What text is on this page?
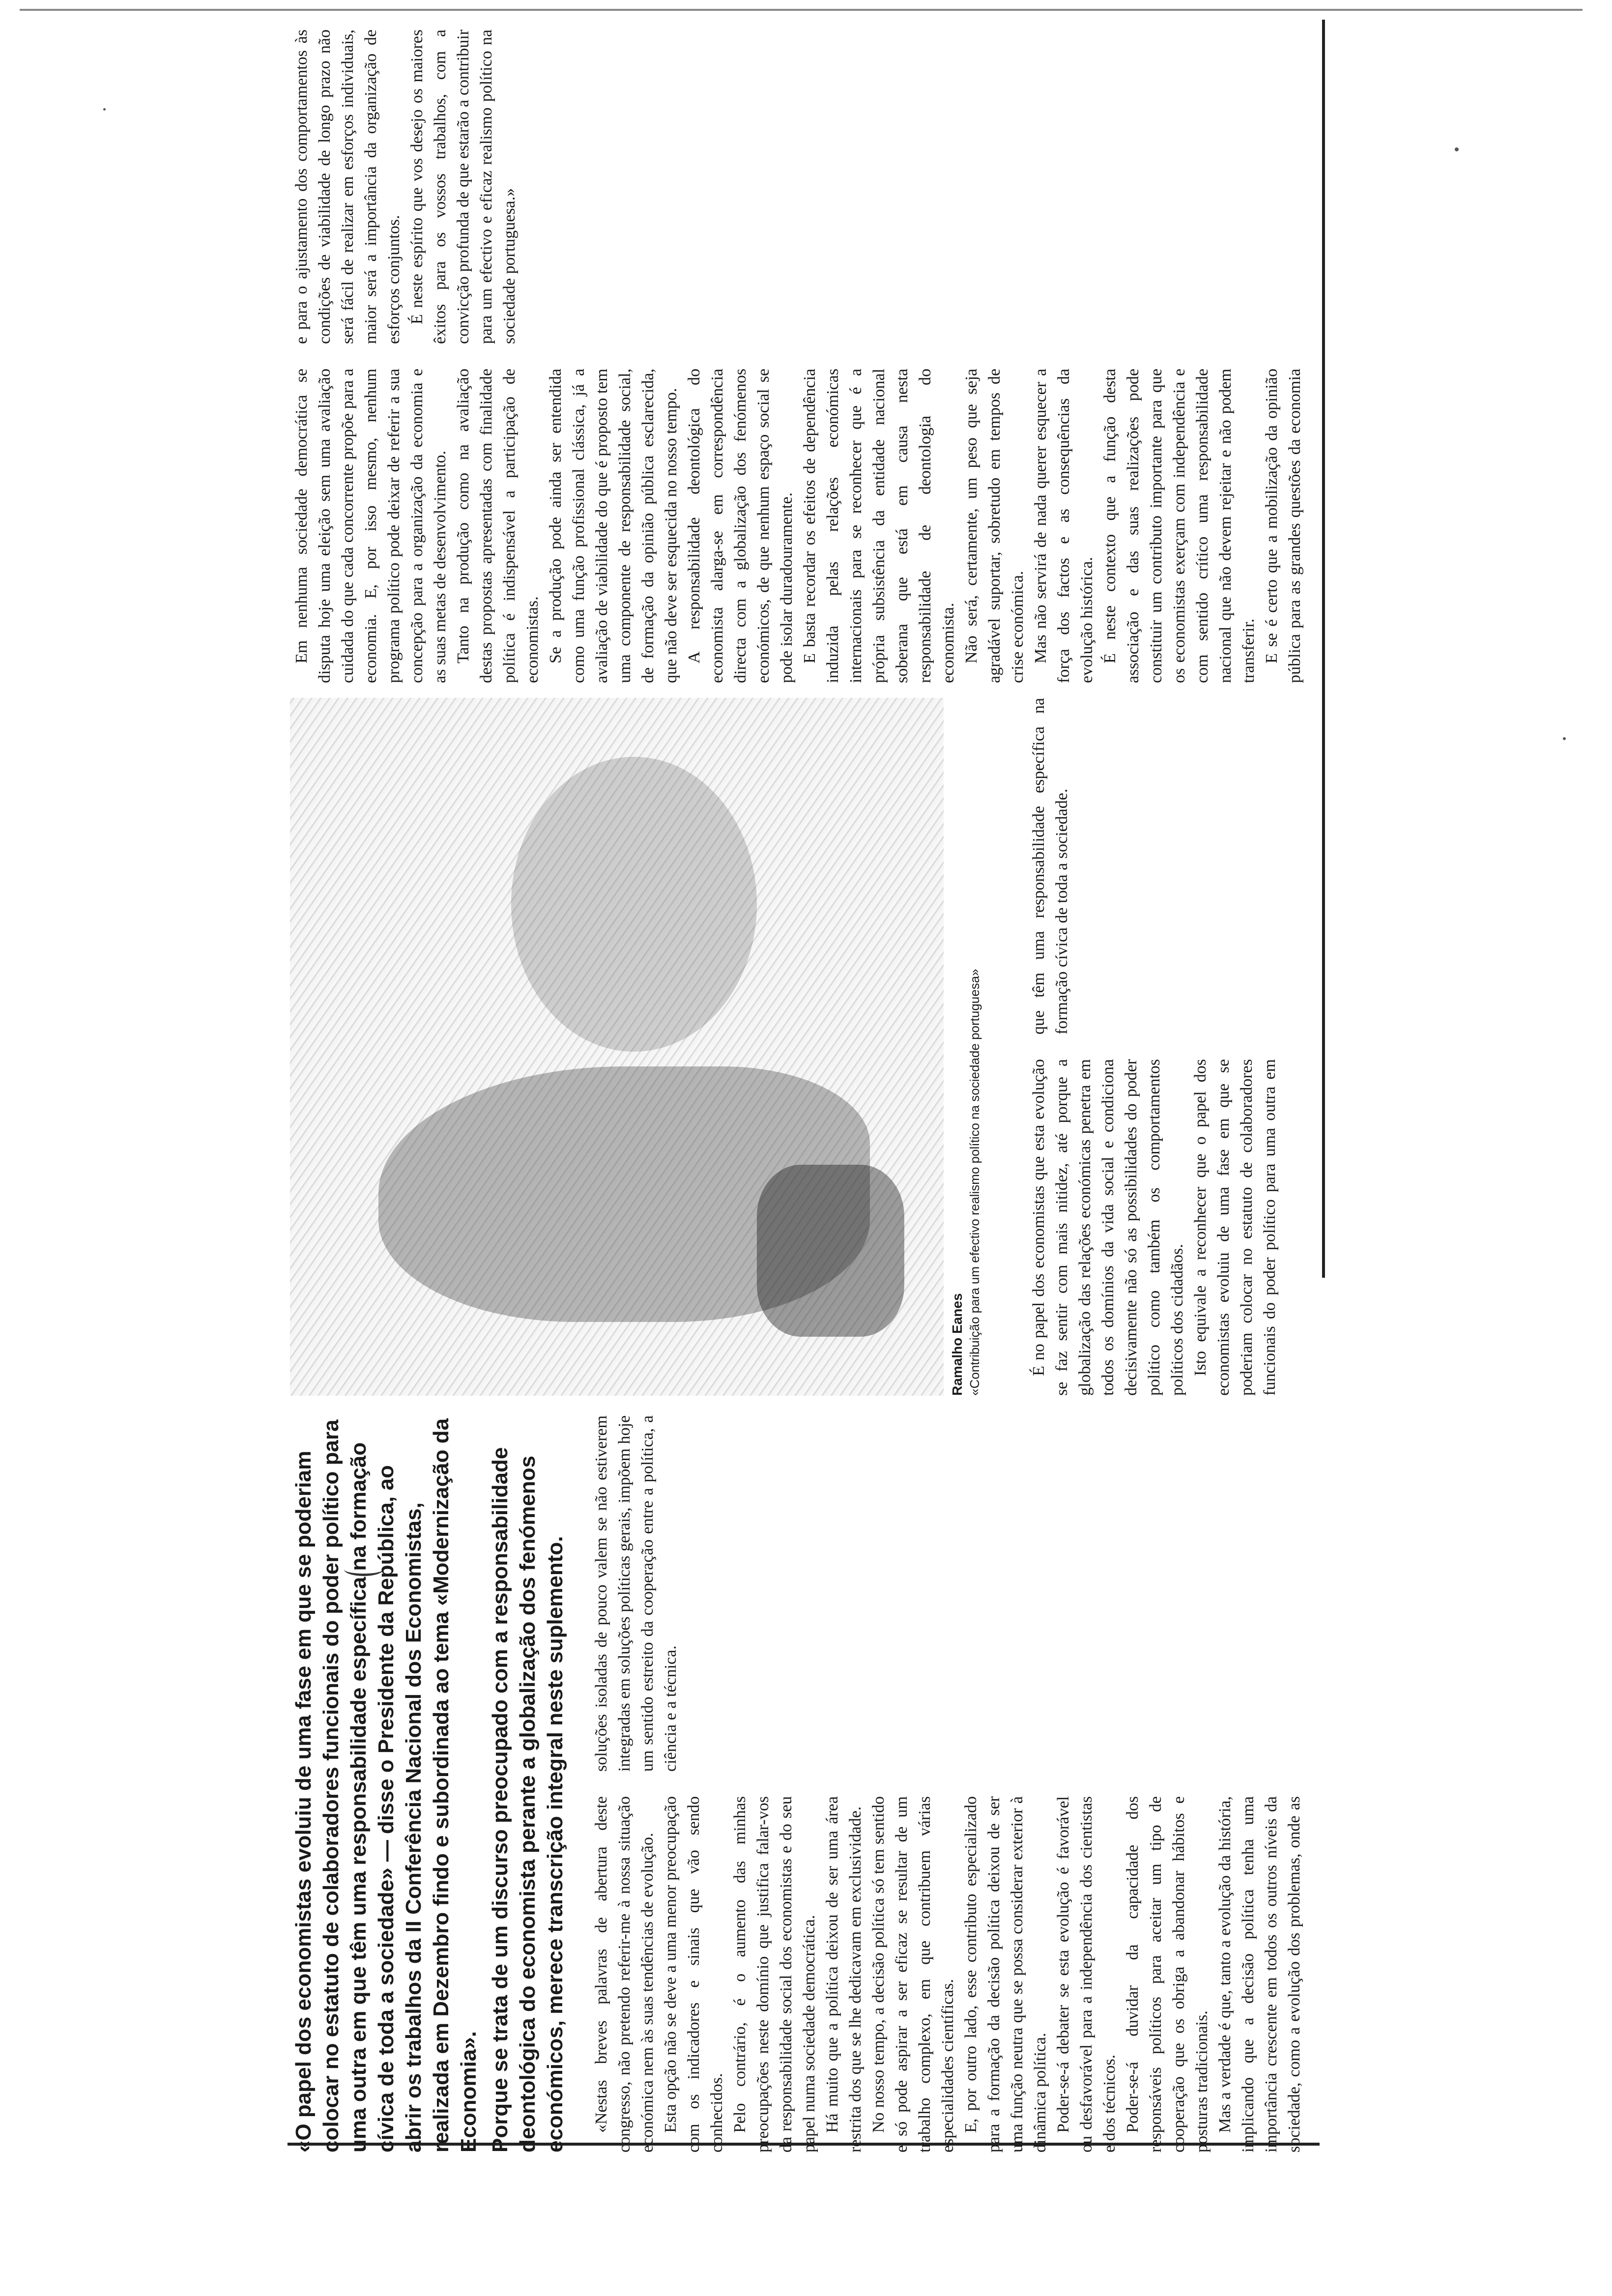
«O papel dos economistas evoluiu de uma fase em que se poderiam colocar no estatuto de colaboradores funcionais do poder político para uma outra em que têm uma responsabilidade específica na formação cívica de toda a sociedade» — disse o Presidente da República, ao abrir os trabalhos da II Conferência Nacional dos Economistas, realizada em Dezembro findo e subordinada ao tema «Modernização da Economia». Porque se trata de um discurso preocupado com a responsabilidade deontológica do economista perante a globalização dos fenómenos económicos, merece transcrição integral neste suplemento. «Nestas breves palavras de abertura deste congresso, não pretendo referir-me à nossa situação económica nem às suas tendências de evolução. Esta opção não se deve a uma menor preocupação com os indicadores e sinais que vão sendo conhecidos. Pelo contrário, é o aumento das minhas preocupações neste domínio que justifica falar-vos da responsabilidade social dos economistas e do seu papel numa sociedade democrática. Há muito que a política deixou de ser uma área restrita dos que se lhe dedicavam em exclusividade. No nosso tempo, a decisão política só tem sentido e só pode aspirar a ser eficaz se resultar de um trabalho complexo, em que contribuem várias especialidades científicas. E, por outro lado, esse contributo especializado para a formação da decisão política deixou de ser uma função neutra que se possa considerar exterior à dinâmica política. Poder-se-á debater se esta evolução é favorável ou desfavorável para a independência dos cientistas e dos técnicos. Poder-se-á duvidar da capacidade dos responsáveis políticos para aceitar um tipo de cooperação que os obriga a abandonar hábitos e posturas tradicionais. Mas a verdade é que, tanto a evolução da história, implicando que a decisão política tenha uma importância crescente em todos os outros níveis da sociedade, como a evolução dos problemas, onde as soluções isoladas de pouco valem se não estiverem integradas em soluções políticas gerais, impõem hoje um sentido estreito da cooperação entre a política, a ciência e a técnica.

Ramalho Eanes «Contribuição para um efectivo realismo político na sociedade portuguesa»	É no papel dos economistas que esta evolução se faz sentir com mais nitidez, até porque a globalização das relações económicas penetra em todos os domínios da vida social e condiciona decisivamente não só as possibilidades do poder político como também os comportamentos políticos dos cidadãos. Isto equivale a reconhecer que o papel dos economistas evoluiu de uma fase em que se poderiam colocar no estatuto de colaboradores funcionais do poder político para uma outra em que têm uma responsabilidade específica na formação cívica de toda a sociedade.

Em nenhuma sociedade democrática se disputa hoje uma eleição sem uma avaliação cuidada do que cada concorrente propõe para a economia. E, por isso mesmo, nenhum programa político pode deixar de referir a sua concepção para a organização da economia e as suas metas de desenvolvimento. Tanto na produção como na avaliação destas propostas apresentadas com finalidade política é indispensável a participação de economistas. Se a produção pode ainda ser entendida como uma função profissional clássica, já a avaliação de viabilidade do que é proposto tem uma componente de responsabilidade social, de formação da opinião pública esclarecida, que não deve ser esquecida no nosso tempo. A responsabilidade deontológica do economista alarga-se em correspondência directa com a globalização dos fenómenos económicos, de que nenhum espaço social se pode isolar duradouramente. E basta recordar os efeitos de dependência induzida pelas relações económicas internacionais para se reconhecer que é a própria subsistência da entidade nacional soberana que está em causa nesta responsabilidade de deontologia do economista. Não será, certamente, um peso que seja agradável suportar, sobretudo em tempos de crise económica. Mas não servirá de nada querer esquecer a força dos factos e as consequências da evolução histórica. É neste contexto que a função desta associação e das suas realizações pode constituir um contributo importante para que os economistas exerçam com independência e com sentido crítico uma responsabilidade nacional que não devem rejeitar e não podem transferir. E se é certo que a mobilização da opinião pública para as grandes questões da economia e para o ajustamento dos comportamentos às condições de viabilidade de longo prazo não será fácil de realizar em esforços individuais, maior será a importância da organização de esforços conjuntos. É neste espírito que vos desejo os maiores êxitos para os vossos trabalhos, com a convicção profunda de que estarão a contribuir para um efectivo e eficaz realismo político na sociedade portuguesa.»
